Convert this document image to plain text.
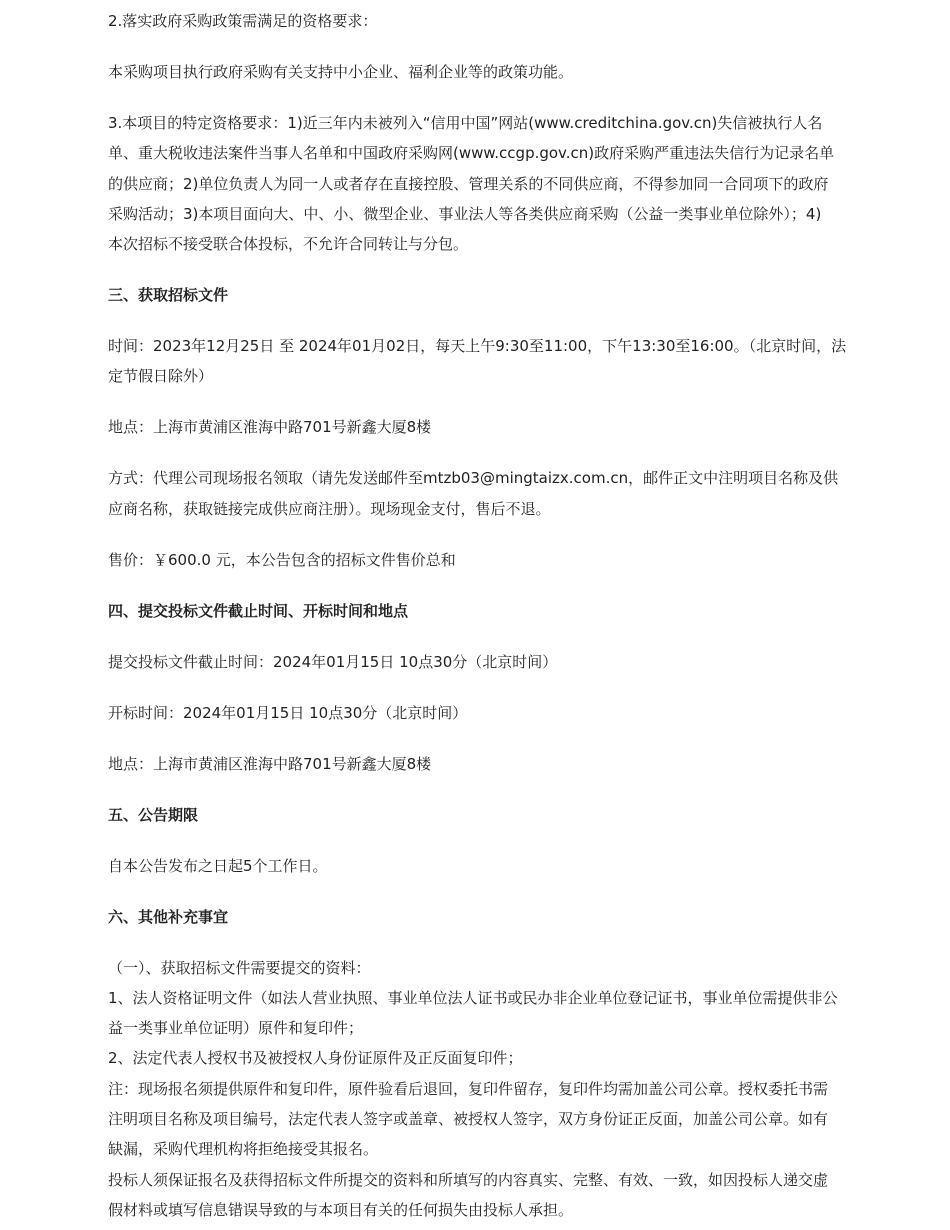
2.落实政府采购政策需满足的资格要求：
本采购项目执行政府采购有关支持中小企业、福利企业等的政策功能。
3.本项目的特定资格要求：1)近三年内未被列入“信用中国”网站(www.creditchina.gov.cn)失信被执行人名
单、重大税收违法案件当事人名单和中国政府采购网(www.ccgp.gov.cn)政府采购严重违法失信行为记录名单
的供应商；2)单位负责人为同一人或者存在直接控股、管理关系的不同供应商，不得参加同一合同项下的政府
采购活动；3)本项目面向大、中、小、微型企业、事业法人等各类供应商采购（公益一类事业单位除外）；4)
本次招标不接受联合体投标，不允许合同转让与分包。
三、获取招标文件
时间：2023年12月25日 至 2024年01月02日，每天上午9:30至11:00，下午13:30至16:00。（北京时间，法
定节假日除外）
地点：上海市黄浦区淮海中路701号新鑫大厦8楼
方式：代理公司现场报名领取（请先发送邮件至mtzb03@mingtaizx.com.cn，邮件正文中注明项目名称及供
应商名称，获取链接完成供应商注册）。现场现金支付，售后不退。
售价：￥600.0 元，本公告包含的招标文件售价总和
四、提交投标文件截止时间、开标时间和地点
提交投标文件截止时间：2024年01月15日 10点30分（北京时间）
开标时间：2024年01月15日 10点30分（北京时间）
地点：上海市黄浦区淮海中路701号新鑫大厦8楼
五、公告期限
自本公告发布之日起5个工作日。
六、其他补充事宜
（一）、获取招标文件需要提交的资料：
1、法人资格证明文件（如法人营业执照、事业单位法人证书或民办非企业单位登记证书，事业单位需提供非公
益一类事业单位证明）原件和复印件；
2、法定代表人授权书及被授权人身份证原件及正反面复印件；
注：现场报名须提供原件和复印件，原件验看后退回，复印件留存，复印件均需加盖公司公章。授权委托书需
注明项目名称及项目编号，法定代表人签字或盖章、被授权人签字，双方身份证正反面，加盖公司公章。如有
缺漏，采购代理机构将拒绝接受其报名。
投标人须保证报名及获得招标文件所提交的资料和所填写的内容真实、完整、有效、一致，如因投标人递交虚
假材料或填写信息错误导致的与本项目有关的任何损失由投标人承担。
